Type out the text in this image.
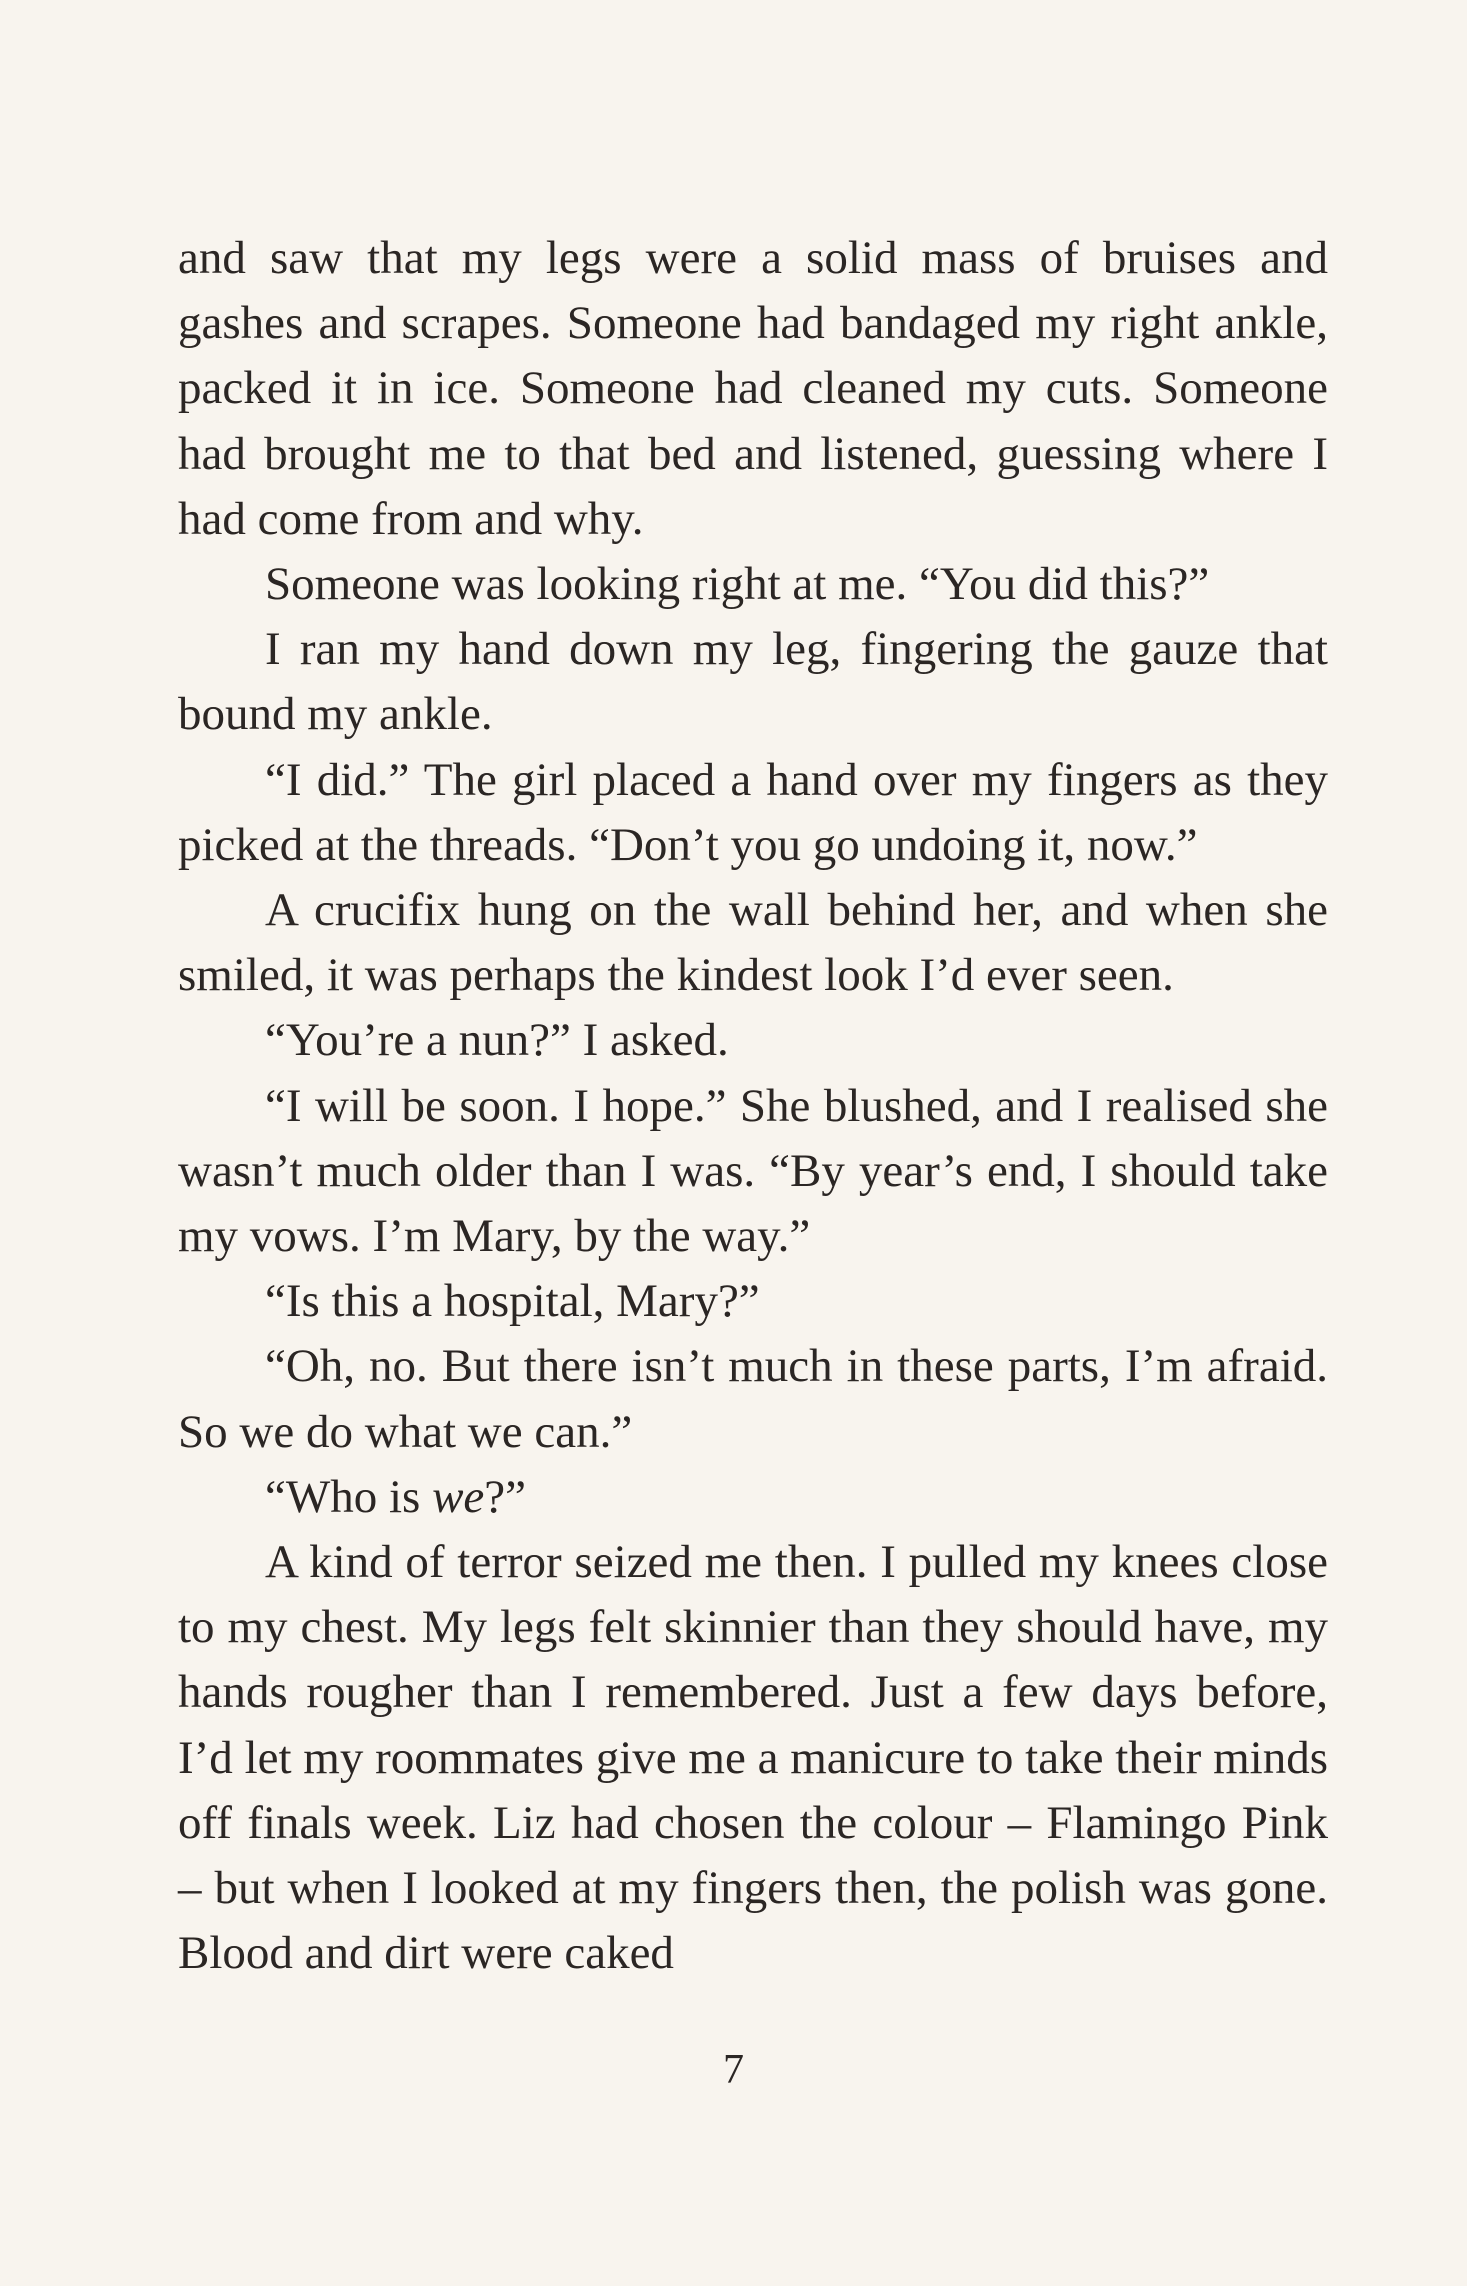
and saw that my legs were a solid mass of bruises and gashes and scrapes. Someone had bandaged my right ankle, packed it in ice. Someone had cleaned my cuts. Someone had brought me to that bed and listened, guessing where I had come from and why.

Someone was looking right at me. “You did this?”

I ran my hand down my leg, fingering the gauze that bound my ankle.

“I did.” The girl placed a hand over my fingers as they picked at the threads. “Don’t you go undoing it, now.”

A crucifix hung on the wall behind her, and when she smiled, it was perhaps the kindest look I’d ever seen.

“You’re a nun?” I asked.

“I will be soon. I hope.” She blushed, and I realised she wasn’t much older than I was. “By year’s end, I should take my vows. I’m Mary, by the way.”

“Is this a hospital, Mary?”

“Oh, no. But there isn’t much in these parts, I’m afraid. So we do what we can.”

“Who is we?”

A kind of terror seized me then. I pulled my knees close to my chest. My legs felt skinnier than they should have, my hands rougher than I remembered. Just a few days before, I’d let my roommates give me a manicure to take their minds off finals week. Liz had chosen the colour – Flamingo Pink – but when I looked at my fingers then, the polish was gone. Blood and dirt were caked

7
